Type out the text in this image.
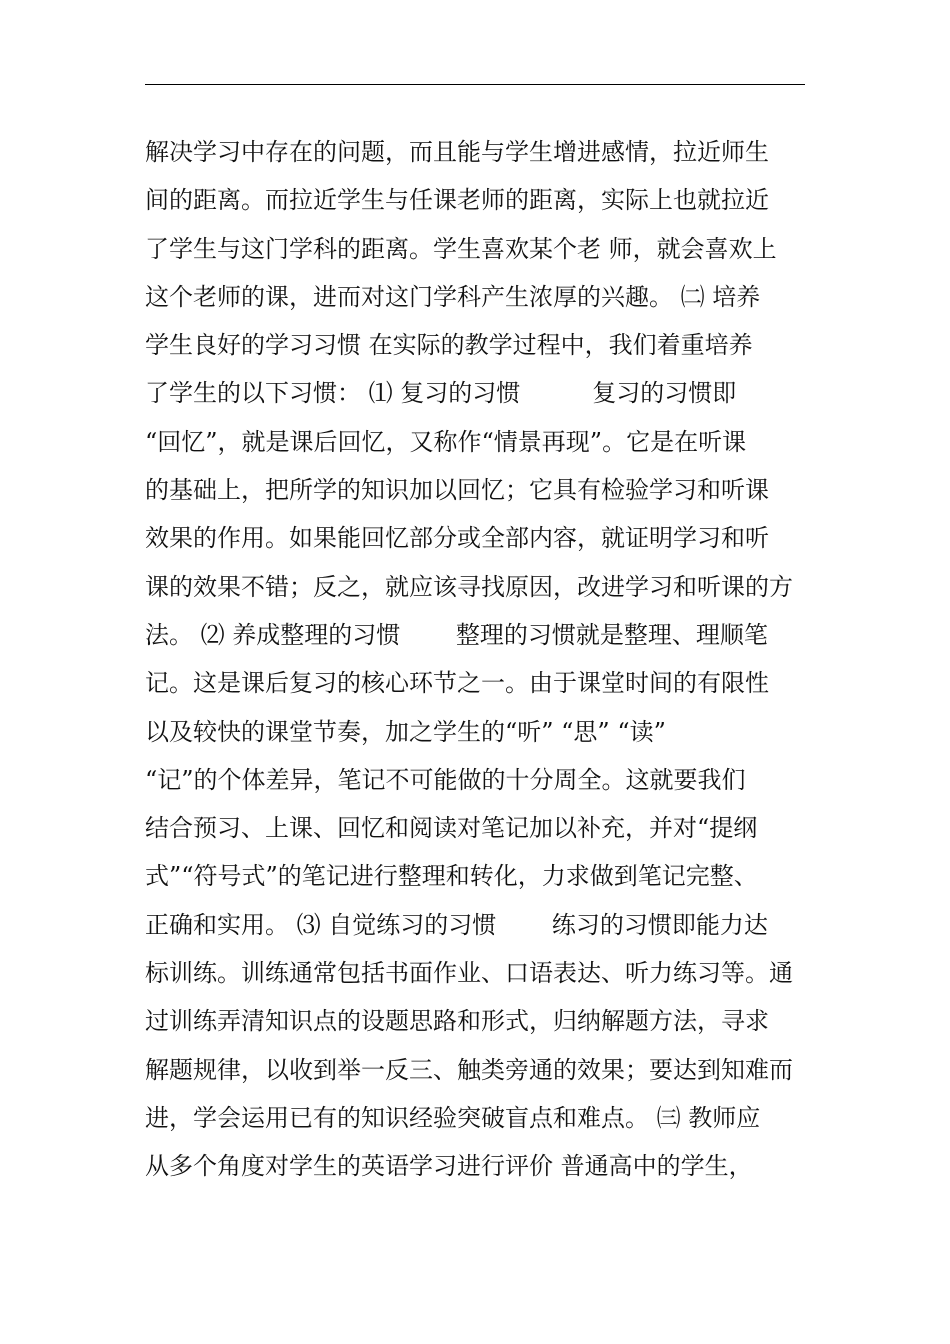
解决学习中存在的问题，而且能与学生增进感情，拉近师生
间的距离。而拉近学生与任课老师的距离，实际上也就拉近
了学生与这门学科的距离。学生喜欢某个老 师，就会喜欢上
这个老师的课，进而对这门学科产生浓厚的兴趣。 ㈡ 培养
学生良好的学习习惯 在实际的教学过程中，我们着重培养
了学生的以下习惯： ⑴ 复习的习惯　　　复习的习惯即
“回忆”，就是课后回忆，又称作“情景再现”。它是在听课
的基础上，把所学的知识加以回忆；它具有检验学习和听课
效果的作用。如果能回忆部分或全部内容，就证明学习和听
课的效果不错；反之，就应该寻找原因，改进学习和听课的方
法。 ⑵ 养成整理的习惯　　 整理的习惯就是整理、理顺笔
记。这是课后复习的核心环节之一。由于课堂时间的有限性
以及较快的课堂节奏，加之学生的“听” “思” “读”
“记”的个体差异，笔记不可能做的十分周全。这就要我们
结合预习、上课、回忆和阅读对笔记加以补充，并对“提纲
式”“符号式”的笔记进行整理和转化，力求做到笔记完整、
正确和实用。 ⑶ 自觉练习的习惯　　 练习的习惯即能力达
标训练。训练通常包括书面作业、口语表达、听力练习等。通
过训练弄清知识点的设题思路和形式，归纳解题方法，寻求
解题规律，以收到举一反三、触类旁通的效果；要达到知难而
进，学会运用已有的知识经验突破盲点和难点。 ㈢ 教师应
从多个角度对学生的英语学习进行评价 普通高中的学生，
